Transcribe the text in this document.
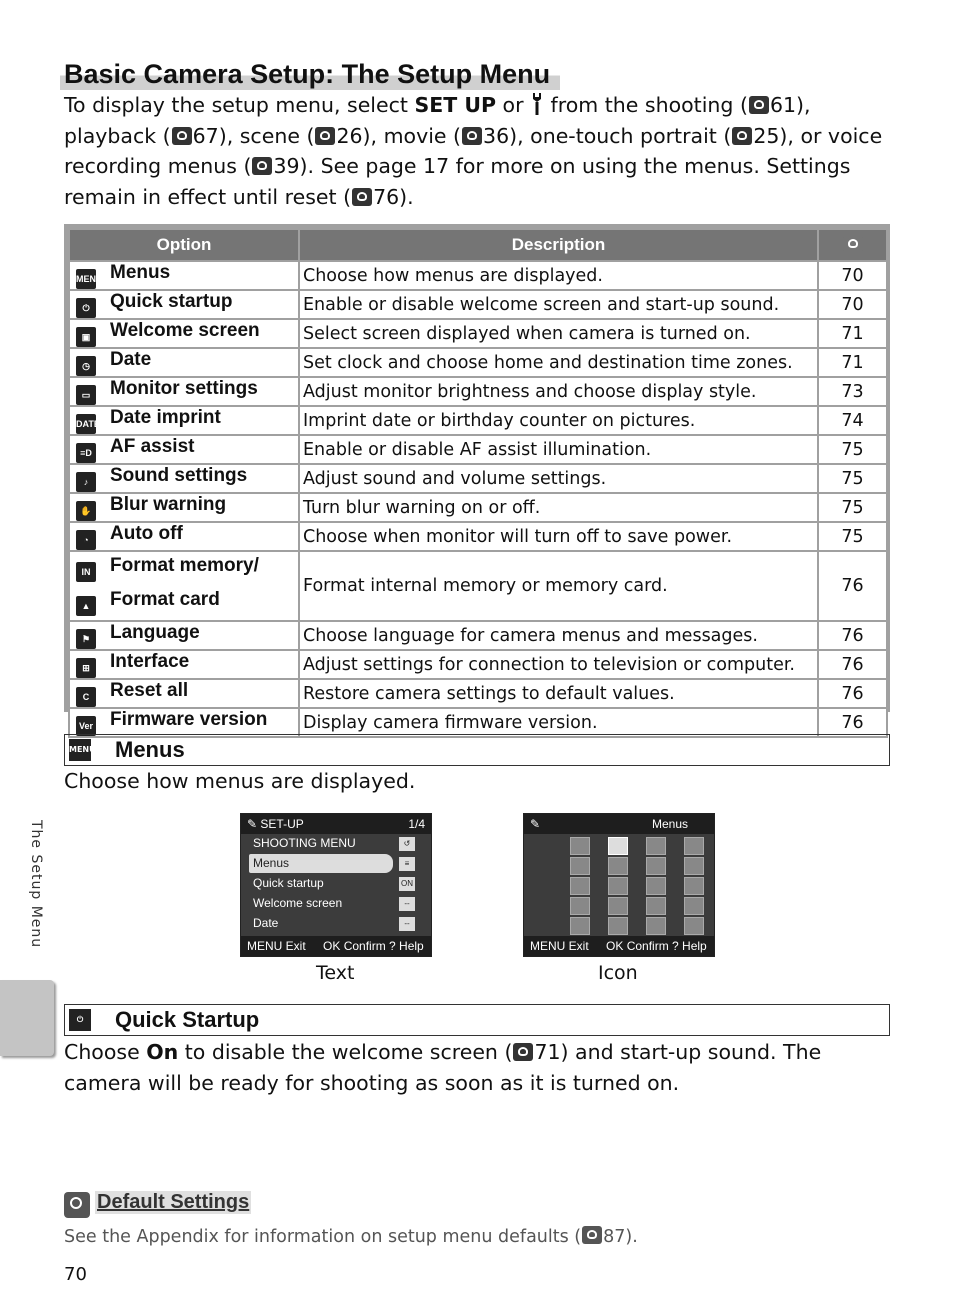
Basic Camera Setup: The Setup Menu
To display the setup menu, select SET UP or  from the shooting ( 61), playback ( 67), scene ( 26), movie ( 36), one-touch portrait ( 25), or voice recording menus ( 39). See page 17 for more on using the menus. Settings remain in effect until reset ( 76).
Option	Description	

MENU Menus	Choose how menus are displayed.	70

⏻ Quick startup	Enable or disable welcome screen and start-up sound.	70

▣ Welcome screen	Select screen displayed when camera is turned on.	71

◷ Date	Set clock and choose home and destination time zones.	71

▭ Monitor settings	Adjust monitor brightness and choose display style.	73

DATE Date imprint	Imprint date or birthday counter on pictures.	74

≡D AF assist	Enable or disable AF assist illumination.	75

♪ Sound settings	Adjust sound and volume settings.	75

✋ Blur warning	Turn blur warning on or off.	75

◔ Auto off	Choose when monitor will turn off to save power.	75

IN Format memory/
▲ Format card	Format internal memory or memory card.	76

⚑ Language	Choose language for camera menus and messages.	76

⊞ Interface	Adjust settings for connection to television or computer.	76

C Reset all	Restore camera settings to default values.	76

Ver Firmware version	Display camera firmware version.	76
MENU Menus
Choose how menus are displayed.
✎ SET-UP	1/4
SHOOTING MENU
Menus
Quick startup
Welcome screen
Date
↺
≡
ON
--
--
MENU Exit OK Confirm ? Help
Text
✎	Menus
MENU Exit OK Confirm ? Help
Icon
⏻	Quick Startup
Choose On to disable the welcome screen ( 71) and start-up sound. The camera will be ready for shooting as soon as it is turned on.
The Setup Menu
Default Settings
See the Appendix for information on setup menu defaults ( 87).
70
